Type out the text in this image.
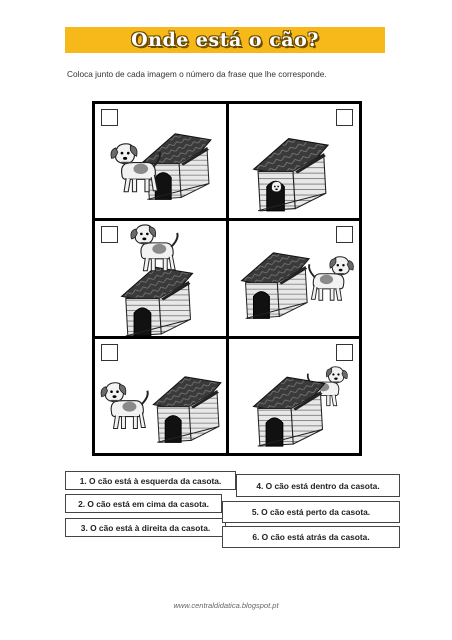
Onde está o cão?
Coloca junto de cada imagem o número da frase que lhe corresponde.
1. O cão está à esquerda da casota.
2. O cão está em cima da casota.
3. O cão está à direita da casota.
4. O cão está dentro da casota.
5. O cão está perto da casota.
6. O cão está atrás da casota.
www.centraldidatica.blogspot.pt
